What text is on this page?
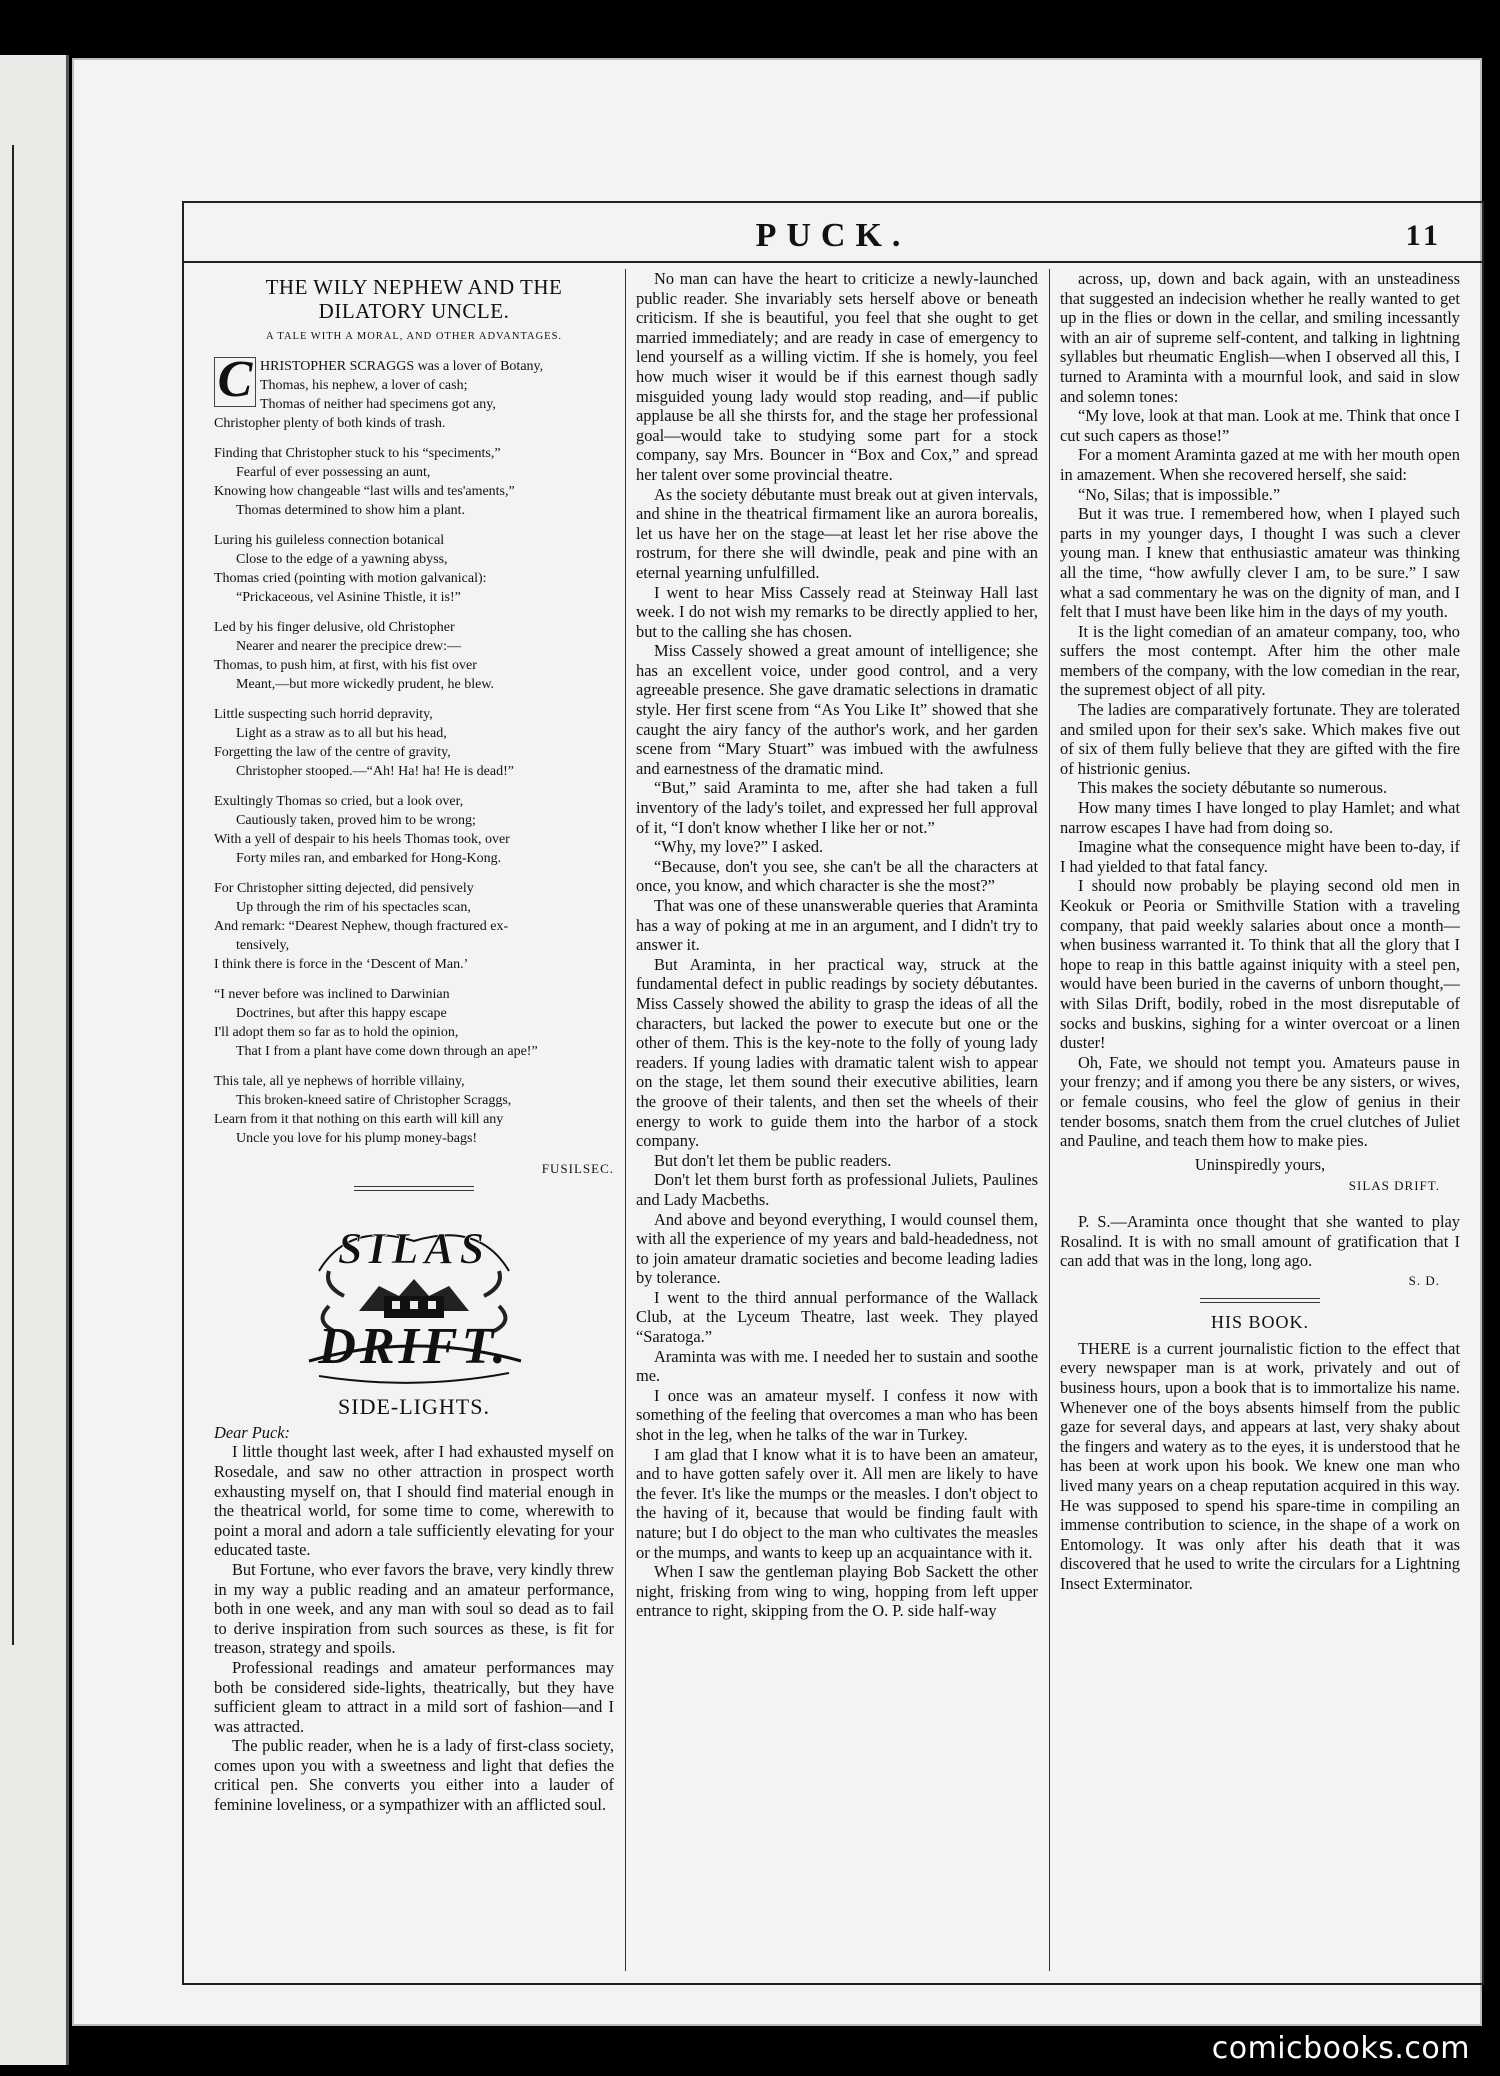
PUCK.	11
THE WILY NEPHEW AND THE DILATORY UNCLE.
A TALE WITH A MORAL, AND OTHER ADVANTAGES.
C HRISTOPHER SCRAGGS was a lover of Botany,
Thomas, his nephew, a lover of cash;
Thomas of neither had specimens got any,
Christopher plenty of both kinds of trash.
Finding that Christopher stuck to his “speciments,”
Fearful of ever possessing an aunt,
Knowing how changeable “last wills and tes'aments,”
Thomas determined to show him a plant.
Luring his guileless connection botanical
Close to the edge of a yawning abyss,
Thomas cried (pointing with motion galvanical):
“Prickaceous, vel Asinine Thistle, it is!”
Led by his finger delusive, old Christopher
Nearer and nearer the precipice drew:—
Thomas, to push him, at first, with his fist over
Meant,—but more wickedly prudent, he blew.
Little suspecting such horrid depravity,
Light as a straw as to all but his head,
Forgetting the law of the centre of gravity,
Christopher stooped.—“Ah! Ha! ha! He is dead!”
Exultingly Thomas so cried, but a look over,
Cautiously taken, proved him to be wrong;
With a yell of despair to his heels Thomas took, over
Forty miles ran, and embarked for Hong-Kong.
For Christopher sitting dejected, did pensively
Up through the rim of his spectacles scan,
And remark: “Dearest Nephew, though fractured ex-
tensively,
I think there is force in the ‘Descent of Man.’
“I never before was inclined to Darwinian
Doctrines, but after this happy escape
I'll adopt them so far as to hold the opinion,
That I from a plant have come down through an ape!”
This tale, all ye nephews of horrible villainy,
This broken-kneed satire of Christopher Scraggs,
Learn from it that nothing on this earth will kill any
Uncle you love for his plump money-bags!
FUSILSEC.
SILAS
DRIFT.
SIDE-LIGHTS.

Dear Puck:

I little thought last week, after I had exhausted myself on Rosedale, and saw no other attraction in prospect worth exhausting myself on, that I should find material enough in the theatrical world, for some time to come, wherewith to point a moral and adorn a tale sufficiently elevating for your educated taste.

But Fortune, who ever favors the brave, very kindly threw in my way a public reading and an amateur performance, both in one week, and any man with soul so dead as to fail to derive inspiration from such sources as these, is fit for treason, strategy and spoils.

Professional readings and amateur performances may both be considered side-lights, theatrically, but they have sufficient gleam to attract in a mild sort of fashion—and I was attracted.

The public reader, when he is a lady of first-class society, comes upon you with a sweetness and light that defies the critical pen. She converts you either into a lauder of feminine loveliness, or a sympathizer with an afflicted soul.

No man can have the heart to criticize a newly-launched public reader. She invariably sets herself above or beneath criticism. If she is beautiful, you feel that she ought to get married immediately; and are ready in case of emergency to lend yourself as a willing victim. If she is homely, you feel how much wiser it would be if this earnest though sadly misguided young lady would stop reading, and—if public applause be all she thirsts for, and the stage her professional goal—would take to studying some part for a stock company, say Mrs. Bouncer in “Box and Cox,” and spread her talent over some provincial theatre.

As the society débutante must break out at given intervals, and shine in the theatrical firmament like an aurora borealis, let us have her on the stage—at least let her rise above the rostrum, for there she will dwindle, peak and pine with an eternal yearning unfulfilled.

I went to hear Miss Cassely read at Steinway Hall last week. I do not wish my remarks to be directly applied to her, but to the calling she has chosen.

Miss Cassely showed a great amount of intelligence; she has an excellent voice, under good control, and a very agreeable presence. She gave dramatic selections in dramatic style. Her first scene from “As You Like It” showed that she caught the airy fancy of the author's work, and her garden scene from “Mary Stuart” was imbued with the awfulness and earnestness of the dramatic mind.

“But,” said Araminta to me, after she had taken a full inventory of the lady's toilet, and expressed her full approval of it, “I don't know whether I like her or not.”

“Why, my love?” I asked.

“Because, don't you see, she can't be all the characters at once, you know, and which character is she the most?”

That was one of these unanswerable queries that Araminta has a way of poking at me in an argument, and I didn't try to answer it.

But Araminta, in her practical way, struck at the fundamental defect in public readings by society débutantes. Miss Cassely showed the ability to grasp the ideas of all the characters, but lacked the power to execute but one or the other of them. This is the key-note to the folly of young lady readers. If young ladies with dramatic talent wish to appear on the stage, let them sound their executive abilities, learn the groove of their talents, and then set the wheels of their energy to work to guide them into the harbor of a stock company.

But don't let them be public readers.

Don't let them burst forth as professional Juliets, Paulines and Lady Macbeths.

And above and beyond everything, I would counsel them, with all the experience of my years and bald-headedness, not to join amateur dramatic societies and become leading ladies by tolerance.

I went to the third annual performance of the Wallack Club, at the Lyceum Theatre, last week. They played “Saratoga.”

Araminta was with me. I needed her to sustain and soothe me.

I once was an amateur myself. I confess it now with something of the feeling that overcomes a man who has been shot in the leg, when he talks of the war in Turkey.

I am glad that I know what it is to have been an amateur, and to have gotten safely over it. All men are likely to have the fever. It's like the mumps or the measles. I don't object to the having of it, because that would be finding fault with nature; but I do object to the man who cultivates the measles or the mumps, and wants to keep up an acquaintance with it.

When I saw the gentleman playing Bob Sackett the other night, frisking from wing to wing, hopping from left upper entrance to right, skipping from the O. P. side half-way

across, up, down and back again, with an unsteadiness that suggested an indecision whether he really wanted to get up in the flies or down in the cellar, and smiling incessantly with an air of supreme self-content, and talking in lightning syllables but rheumatic English—when I observed all this, I turned to Araminta with a mournful look, and said in slow and solemn tones:

“My love, look at that man. Look at me. Think that once I cut such capers as those!”

For a moment Araminta gazed at me with her mouth open in amazement. When she recovered herself, she said:

“No, Silas; that is impossible.”

But it was true. I remembered how, when I played such parts in my younger days, I thought I was such a clever young man. I knew that enthusiastic amateur was thinking all the time, “how awfully clever I am, to be sure.” I saw what a sad commentary he was on the dignity of man, and I felt that I must have been like him in the days of my youth.

It is the light comedian of an amateur company, too, who suffers the most contempt. After him the other male members of the company, with the low comedian in the rear, the supremest object of all pity.

The ladies are comparatively fortunate. They are tolerated and smiled upon for their sex's sake. Which makes five out of six of them fully believe that they are gifted with the fire of histrionic genius.

This makes the society débutante so numerous.

How many times I have longed to play Hamlet; and what narrow escapes I have had from doing so.

Imagine what the consequence might have been to-day, if I had yielded to that fatal fancy.

I should now probably be playing second old men in Keokuk or Peoria or Smithville Station with a traveling company, that paid weekly salaries about once a month—when business warranted it. To think that all the glory that I hope to reap in this battle against iniquity with a steel pen, would have been buried in the caverns of unborn thought,—with Silas Drift, bodily, robed in the most disreputable of socks and buskins, sighing for a winter overcoat or a linen duster!

Oh, Fate, we should not tempt you. Amateurs pause in your frenzy; and if among you there be any sisters, or wives, or female cousins, who feel the glow of genius in their tender bosoms, snatch them from the cruel clutches of Juliet and Pauline, and teach them how to make pies.

Uninspiredly yours,

SILAS DRIFT.

P. S.—Araminta once thought that she wanted to play Rosalind. It is with no small amount of gratification that I can add that was in the long, long ago.

S. D.
HIS BOOK.

THERE is a current journalistic fiction to the effect that every newspaper man is at work, privately and out of business hours, upon a book that is to immortalize his name. Whenever one of the boys absents himself from the public gaze for several days, and appears at last, very shaky about the fingers and watery as to the eyes, it is understood that he has been at work upon his book. We knew one man who lived many years on a cheap reputation acquired in this way. He was supposed to spend his spare-time in compiling an immense contribution to science, in the shape of a work on Entomology. It was only after his death that it was discovered that he used to write the circulars for a Lightning Insect Exterminator.

comicbooks.com
